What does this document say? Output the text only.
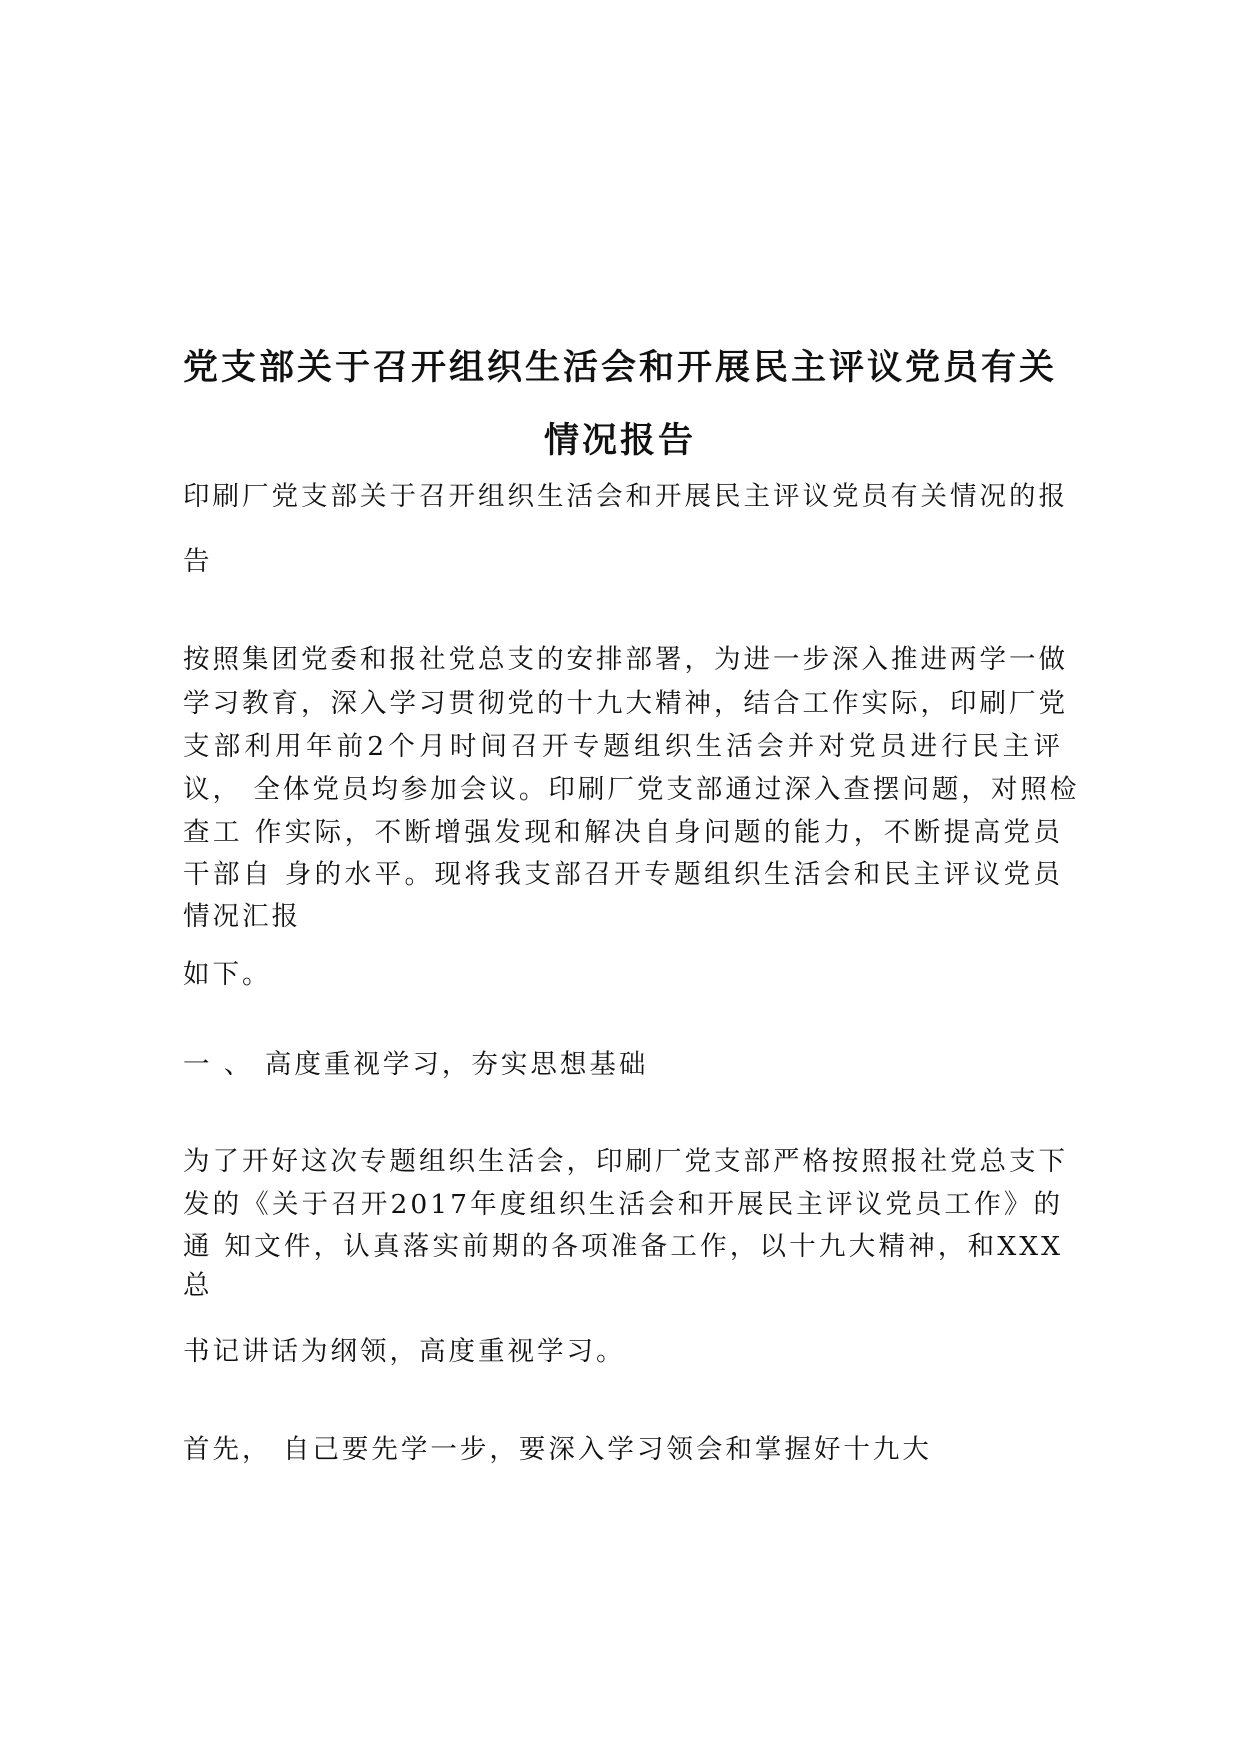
党支部关于召开组织生活会和开展民主评议党员有关
情况报告
印刷厂党支部关于召开组织生活会和开展民主评议党员有关情况的报
告
按照集团党委和报社党总支的安排部署，为进一步深入推进两学一做
学习教育，深入学习贯彻党的十九大精神，结合工作实际，印刷厂党
支部利用年前2个月时间召开专题组织生活会并对党员进行民主评
议， 全体党员均参加会议。印刷厂党支部通过深入查摆问题，对照检
查工 作实际，不断增强发现和解决自身问题的能力，不断提高党员
干部自 身的水平。现将我支部召开专题组织生活会和民主评议党员
情况汇报
如下。
一 、 高度重视学习，夯实思想基础
为了开好这次专题组织生活会，印刷厂党支部严格按照报社党总支下
发的《关于召开2017年度组织生活会和开展民主评议党员工作》的
通 知文件，认真落实前期的各项准备工作，以十九大精神，和XXX
总
书记讲话为纲领，高度重视学习。
首先， 自己要先学一步，要深入学习领会和掌握好十九大
